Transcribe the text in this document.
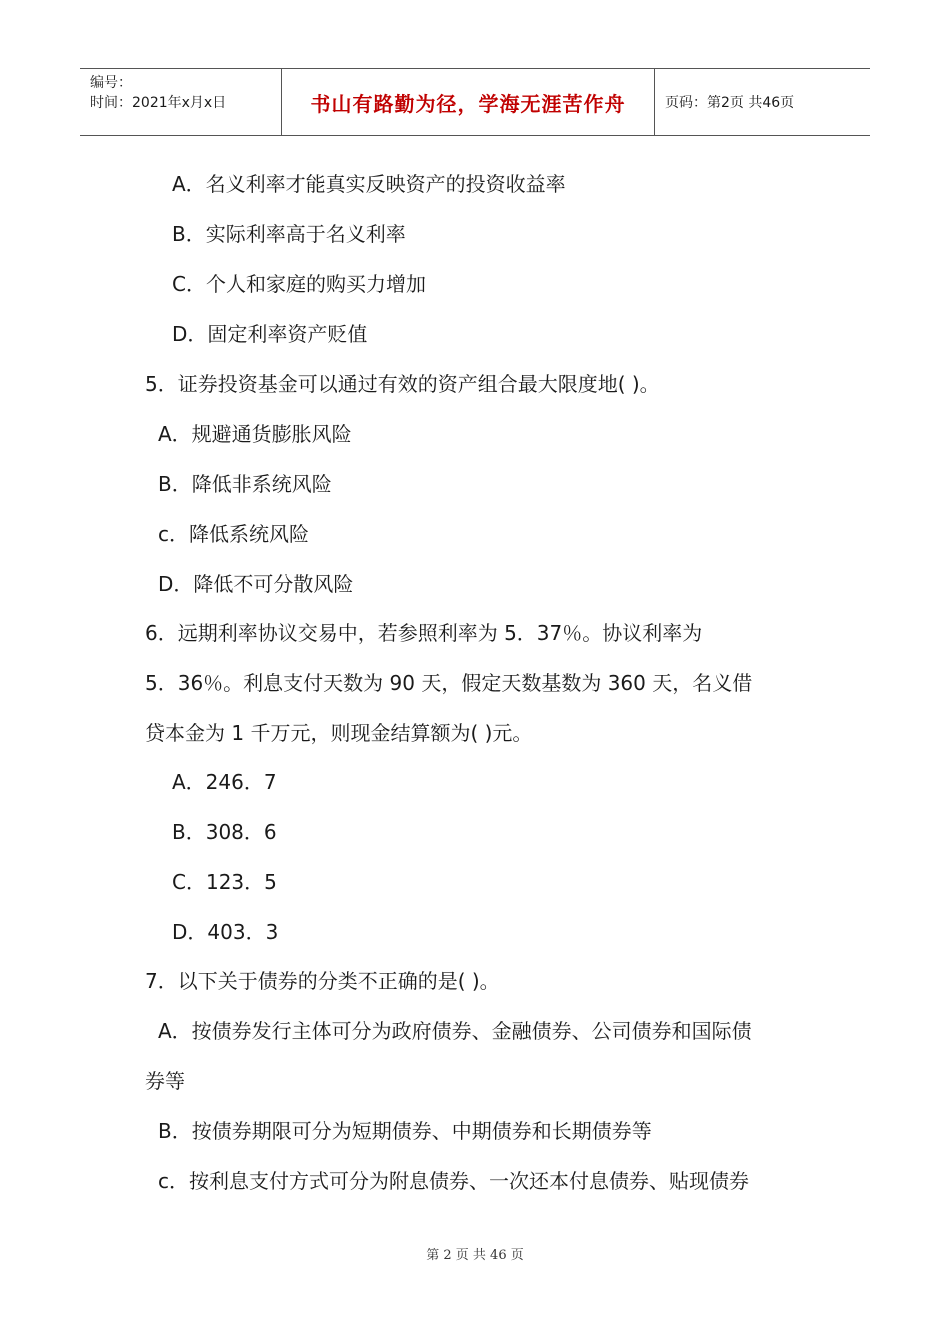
编号：
时间：2021年x月x日	书山有路勤为径，学海无涯苦作舟	页码：第2页 共46页
A．名义利率才能真实反映资产的投资收益率
B．实际利率高于名义利率
C．个人和家庭的购买力增加
D．固定利率资产贬值
5．证券投资基金可以通过有效的资产组合最大限度地( )。
A．规避通货膨胀风险
B．降低非系统风险
c．降低系统风险
D．降低不可分散风险
6．远期利率协议交易中，若参照利率为 5．37％。协议利率为
5．36％。利息支付天数为 90 天，假定天数基数为 360 天，名义借
贷本金为 1 千万元，则现金结算额为( )元。
A．246．7
B．308．6
C．123．5
D．403．3
7．以下关于债券的分类不正确的是( )。
A．按债券发行主体可分为政府债券、金融债券、公司债券和国际债
券等
B．按债券期限可分为短期债券、中期债券和长期债券等
c．按利息支付方式可分为附息债券、一次还本付息债券、贴现债券
第 2 页 共 46 页
